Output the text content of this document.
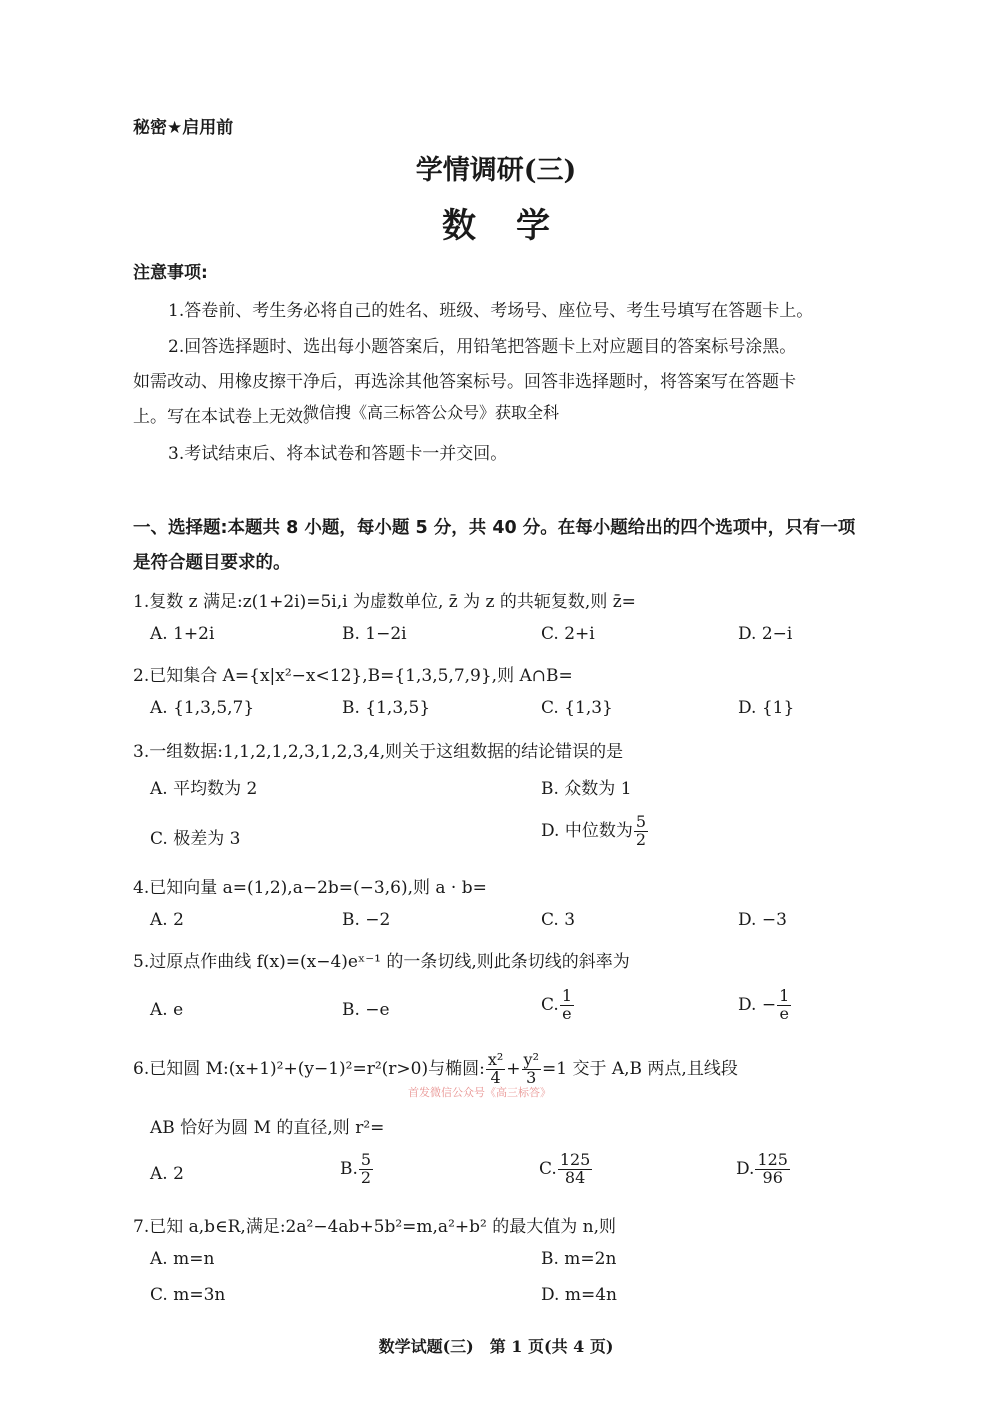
秘密★启用前
学情调研(三)
数学
注意事项:
1.答卷前、考生务必将自己的姓名、班级、考场号、座位号、考生号填写在答题卡上。
2.回答选择题时、选出每小题答案后，用铅笔把答题卡上对应题目的答案标号涂黑。
如需改动、用橡皮擦干净后，再选涂其他答案标号。回答非选择题时，将答案写在答题卡
上。写在本试卷上无效。
微信搜《高三标答公众号》获取全科
3.考试结束后、将本试卷和答题卡一并交回。
一、选择题:本题共 8 小题，每小题 5 分，共 40 分。在每小题给出的四个选项中，只有一项
是符合题目要求的。
1.复数 z 满足:z(1+2i)=5i,i 为虚数单位, z̄ 为 z 的共轭复数,则 z̄=
A. 1+2i	B. 1−2i	C. 2+i	D. 2−i
2.已知集合 A={x|x²−x<12},B={1,3,5,7,9},则 A∩B=
A. {1,3,5,7}	B. {1,3,5}	C. {1,3}	D. {1}
3.一组数据:1,1,2,1,2,3,1,2,3,4,则关于这组数据的结论错误的是
A. 平均数为 2	B. 众数为 1
C. 极差为 3	D. 中位数为 $\frac{5}{2}$
4.已知向量 a=(1,2),a−2b=(−3,6),则 a · b=
A. 2	B. −2	C. 3	D. −3
5.过原点作曲线 f(x)=(x−4)eˣ⁻¹ 的一条切线,则此条切线的斜率为
A. e	B. −e	C. $\frac{1}{e}$	D. − $\frac{1}{e}$
6.已知圆 M:(x+1)²+(y−1)²=r²(r>0)与椭圆: $\frac{\text{x²}}{4} + \frac{\text{y²}}{3} =1$ 交于 A,B 两点,且线段
首发微信公众号《高三标答》
AB 恰好为圆 M 的直径,则 r²=
A. 2	B. $\frac{5}{2}$	C. $\frac{125}{84}$	D. $\frac{125}{96}$
7.已知 a,b∈R,满足:2a²−4ab+5b²=m,a²+b² 的最大值为 n,则
A. m=n	B. m=2n
C. m=3n	D. m=4n
数学试题(三)　第 1 页(共 4 页)
